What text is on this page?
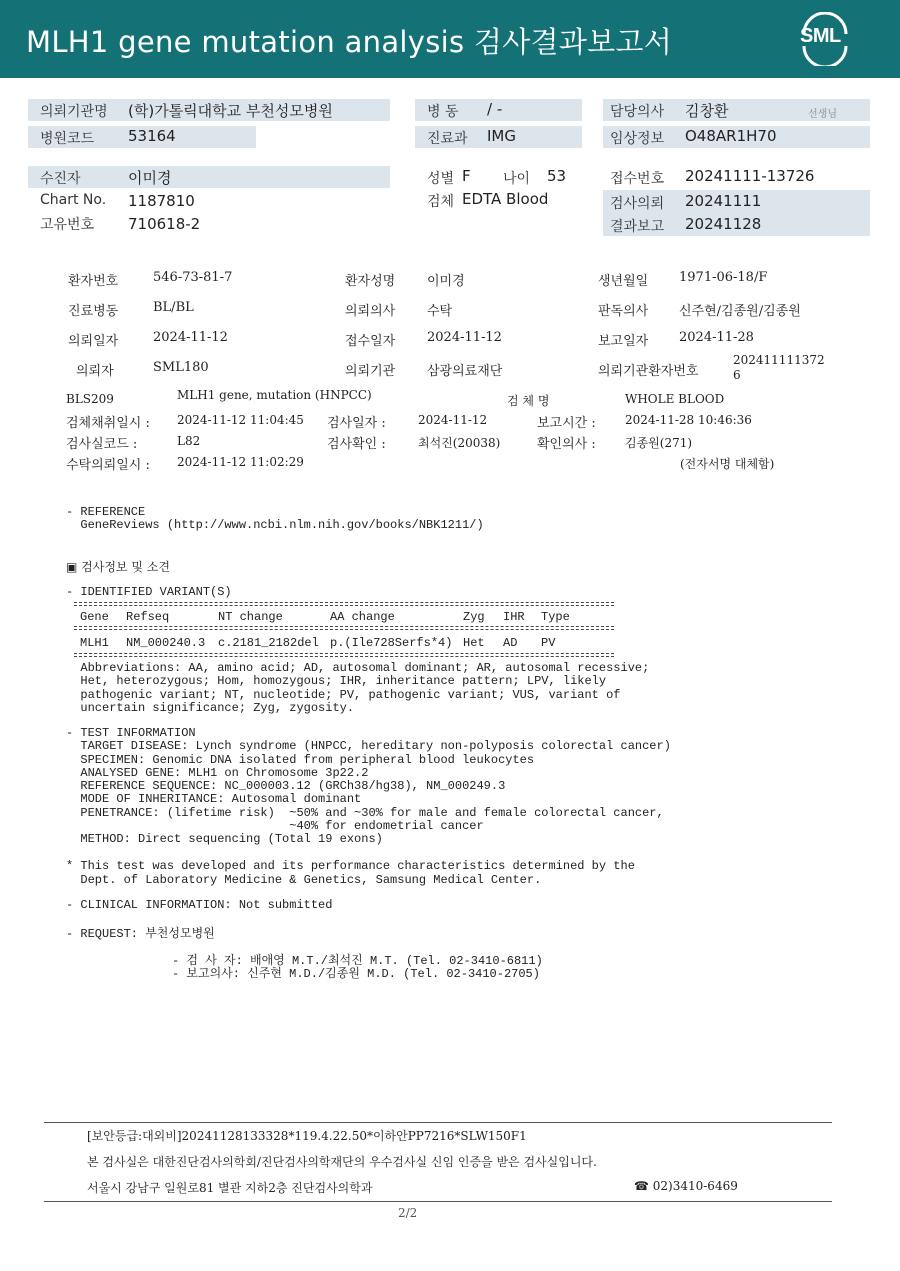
MLH1 gene mutation analysis 검사결과보고서	SML
의뢰기관명 (학)가톨릭대학교 부천성모병원
병원코드 53164
병 동 / -
진료과 IMG
담당의사 김창환	선생님
임상정보 O48AR1H70
수진자	이미경
Chart No. 1187810
고유번호 710618-2
성별 F 나이 53
검체 EDTA Blood
접수번호 20241111-13726
검사의뢰 20241111
결과보고 20241128
환자번호	546-73-81-7	환자성명 이미경	생년월일 1971-06-18/F
진료병동	BL/BL	의뢰의사 수탁	판독의사 신주현/김종원/김종원
의뢰일자	2024-11-12	접수일자 2024-11-12	보고일자 2024-11-28
의뢰자	SML180	의뢰기관 삼광의료재단	의뢰기관환자번호
202411111372
6
BLS209	MLH1 gene, mutation (HNPCC)	검 체 명	WHOLE BLOOD
검체채취일시 : 2024-11-12 11:04:45 검사일자 :	2024-11-12	보고시간 : 2024-11-28 10:46:36
검사실코드 :	L82	검사확인 :	최석진(20038)	확인의사 : 김종원(271)
수탁의뢰일시 : 2024-11-12 11:02:29	(전자서명 대체함)
- REFERENCE
GeneReviews (http://www.ncbi.nlm.nih.gov/books/NBK1211/)
▣ 검사정보 및 소견
- IDENTIFIED VARIANT(S)
Gene Refseq	NT change	AA change	Zyg IHR Type
MLH1 NM_000240.3 c.2181_2182del p.(Ile728Serfs*4) Het AD PV
Abbreviations: AA, amino acid; AD, autosomal dominant; AR, autosomal recessive;
Het, heterozygous; Hom, homozygous; IHR, inheritance pattern; LPV, likely
pathogenic variant; NT, nucleotide; PV, pathogenic variant; VUS, variant of
uncertain significance; Zyg, zygosity.
- TEST INFORMATION
TARGET DISEASE: Lynch syndrome (HNPCC, hereditary non-polyposis colorectal cancer)
SPECIMEN: Genomic DNA isolated from peripheral blood leukocytes
ANALYSED GENE: MLH1 on Chromosome 3p22.2
REFERENCE SEQUENCE: NC_000003.12 (GRCh38/hg38), NM_000249.3
MODE OF INHERITANCE: Autosomal dominant
PENETRANCE: (lifetime risk)  ~50% and ~30% for male and female colorectal cancer,
~40% for endometrial cancer
METHOD: Direct sequencing (Total 19 exons)
* This test was developed and its performance characteristics determined by the
Dept. of Laboratory Medicine & Genetics, Samsung Medical Center.
- CLINICAL INFORMATION: Not submitted
- REQUEST: 부천성모병원
- 검 사 자: 배애영 M.T./최석진 M.T. (Tel. 02-3410-6811)
- 보고의사: 신주현 M.D./김종원 M.D. (Tel. 02-3410-2705)
[보안등급:대외비]20241128133328*119.4.22.50*이하안PP7216*SLW150F1
본 검사실은 대한진단검사의학회/진단검사의학재단의 우수검사실 신임 인증을 받은 검사실입니다.
서울시 강남구 일원로81 별관 지하2층 진단검사의학과	☎ 02)3410-6469
2/2
